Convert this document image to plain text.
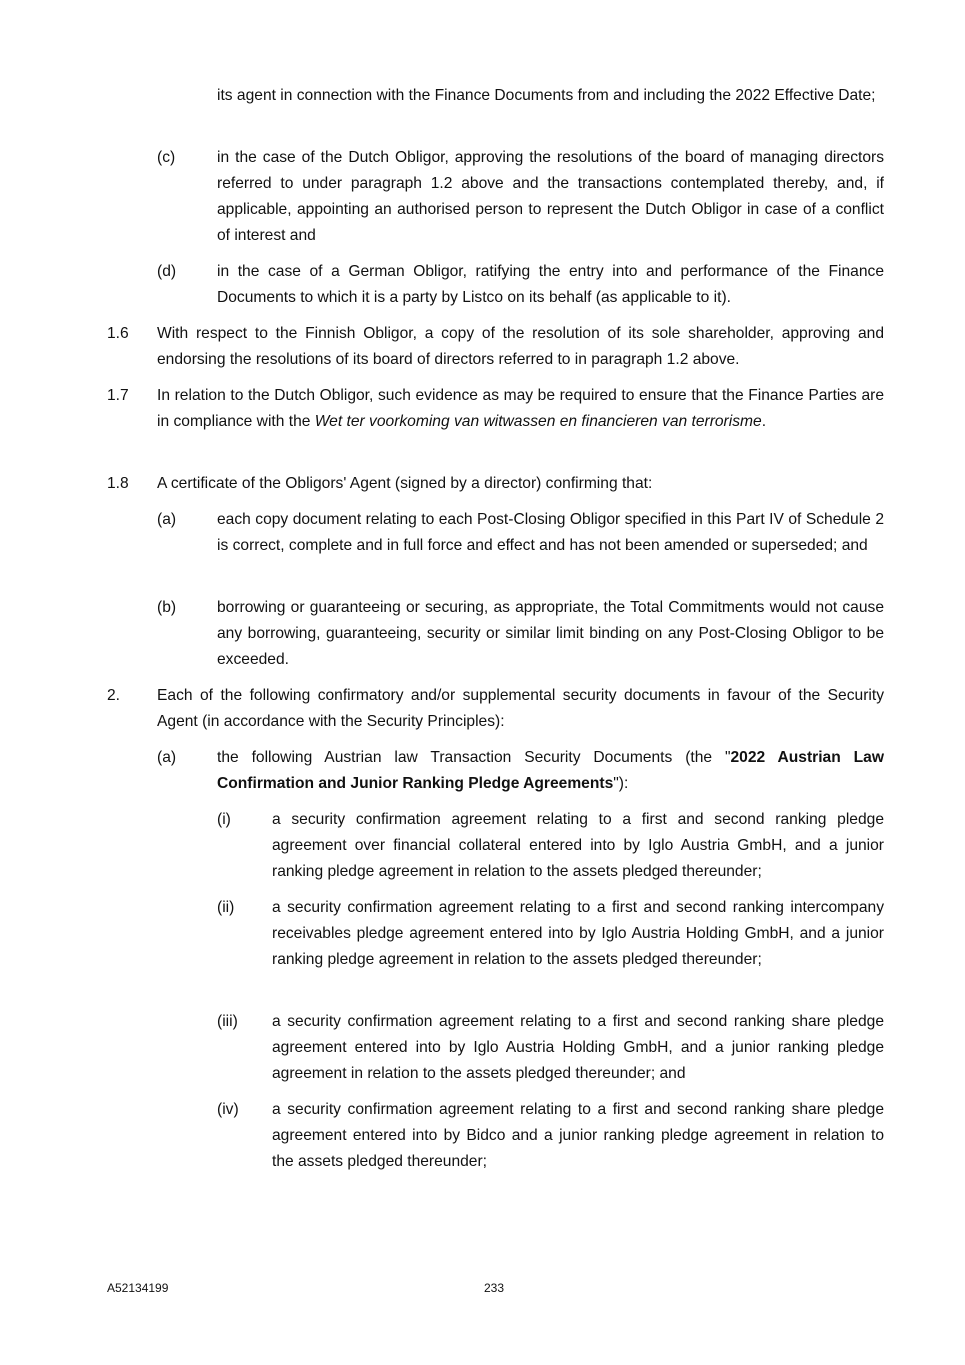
its agent in connection with the Finance Documents from and including the 2022 Effective Date;
(c)	in the case of the Dutch Obligor, approving the resolutions of the board of managing directors referred to under paragraph 1.2 above and the transactions contemplated thereby, and, if applicable, appointing an authorised person to represent the Dutch Obligor in case of a conflict of interest and
(d)	in the case of a German Obligor, ratifying the entry into and performance of the Finance Documents to which it is a party by Listco on its behalf (as applicable to it).
1.6	With respect to the Finnish Obligor, a copy of the resolution of its sole shareholder, approving and endorsing the resolutions of its board of directors referred to in paragraph 1.2 above.
1.7	In relation to the Dutch Obligor, such evidence as may be required to ensure that the Finance Parties are in compliance with the Wet ter voorkoming van witwassen en financieren van terrorisme.
1.8	A certificate of the Obligors' Agent (signed by a director) confirming that:
(a)	each copy document relating to each Post-Closing Obligor specified in this Part IV of Schedule 2 is correct, complete and in full force and effect and has not been amended or superseded; and
(b)	borrowing or guaranteeing or securing, as appropriate, the Total Commitments would not cause any borrowing, guaranteeing, security or similar limit binding on any Post-Closing Obligor to be exceeded.
2.	Each of the following confirmatory and/or supplemental security documents in favour of the Security Agent (in accordance with the Security Principles):
(a)	the following Austrian law Transaction Security Documents (the "2022 Austrian Law Confirmation and Junior Ranking Pledge Agreements"):
(i)	a security confirmation agreement relating to a first and second ranking pledge agreement over financial collateral entered into by Iglo Austria GmbH, and a junior ranking pledge agreement in relation to the assets pledged thereunder;
(ii)	a security confirmation agreement relating to a first and second ranking intercompany receivables pledge agreement entered into by Iglo Austria Holding GmbH, and a junior ranking pledge agreement in relation to the assets pledged thereunder;
(iii)	a security confirmation agreement relating to a first and second ranking share pledge agreement entered into by Iglo Austria Holding GmbH, and a junior ranking pledge agreement in relation to the assets pledged thereunder; and
(iv)	a security confirmation agreement relating to a first and second ranking share pledge agreement entered into by Bidco and a junior ranking pledge agreement in relation to the assets pledged thereunder;
A52134199	233
